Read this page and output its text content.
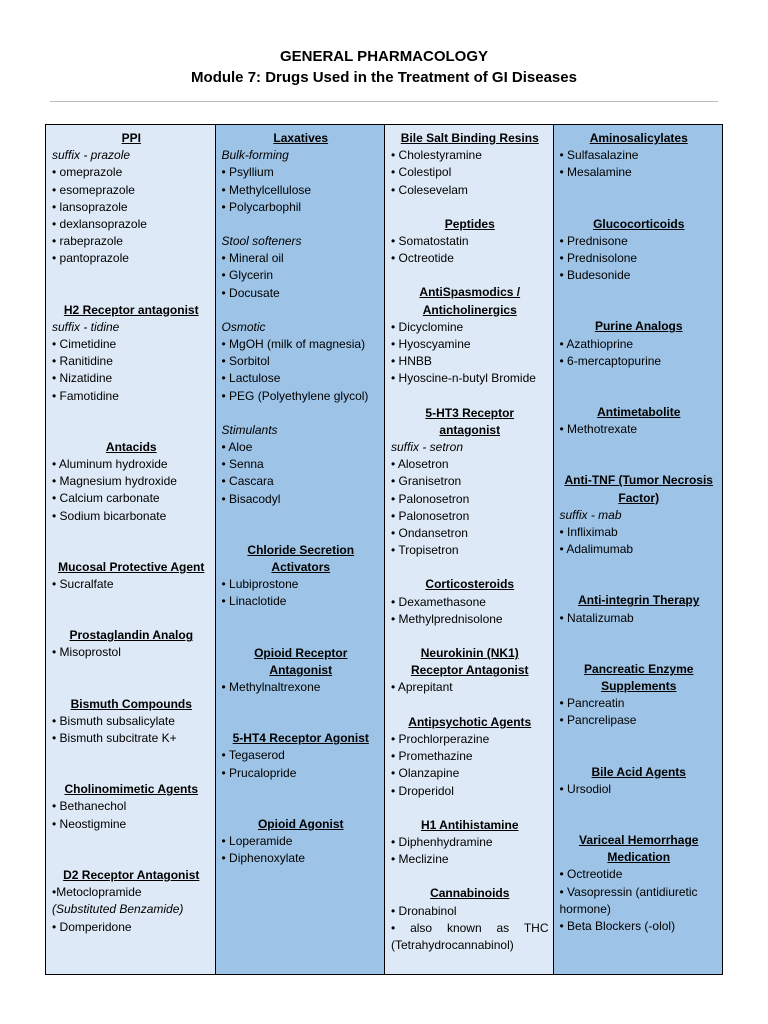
GENERAL PHARMACOLOGY
Module 7: Drugs Used in the Treatment of GI Diseases
PPI
suffix - prazole
• omeprazole
• esomeprazole
• lansoprazole
• dexlansoprazole
• rabeprazole
• pantoprazole
H2 Receptor antagonist
suffix - tidine
• Cimetidine
• Ranitidine
• Nizatidine
• Famotidine
Antacids
• Aluminum hydroxide
• Magnesium hydroxide
• Calcium carbonate
• Sodium bicarbonate
Mucosal Protective Agent
• Sucralfate
Prostaglandin Analog
• Misoprostol
Bismuth Compounds
• Bismuth subsalicylate
• Bismuth subcitrate K+
Cholinomimetic Agents
• Bethanechol
• Neostigmine
D2 Receptor Antagonist
•Metoclopramide
(Substituted Benzamide)
• Domperidone
Laxatives
Bulk-forming
• Psyllium
• Methylcellulose
• Polycarbophil
Stool softeners
• Mineral oil
• Glycerin
• Docusate
Osmotic
• MgOH (milk of magnesia)
• Sorbitol
• Lactulose
• PEG (Polyethylene glycol)
Stimulants
• Aloe
• Senna
• Cascara
• Bisacodyl
Chloride Secretion
Activators
• Lubiprostone
• Linaclotide
Opioid Receptor
Antagonist
• Methylnaltrexone
5-HT4 Receptor Agonist
• Tegaserod
• Prucalopride
Opioid Agonist
• Loperamide
• Diphenoxylate
Bile Salt Binding Resins
• Cholestyramine
• Colestipol
• Colesevelam
Peptides
• Somatostatin
• Octreotide
AntiSpasmodics /
Anticholinergics
• Dicyclomine
• Hyoscyamine
• HNBB
• Hyoscine-n-butyl Bromide
5-HT3 Receptor
antagonist
suffix - setron
• Alosetron
• Granisetron
• Palonosetron
• Palonosetron
• Ondansetron
• Tropisetron
Corticosteroids
• Dexamethasone
• Methylprednisolone
Neurokinin (NK1)
Receptor Antagonist
• Aprepitant
Antipsychotic Agents
• Prochlorperazine
• Promethazine
• Olanzapine
• Droperidol
H1 Antihistamine
• Diphenhydramine
• Meclizine
Cannabinoids
• Dronabinol
• also known as THC (Tetrahydrocannabinol)
Aminosalicylates
• Sulfasalazine
• Mesalamine
Glucocorticoids
• Prednisone
• Prednisolone
• Budesonide
Purine Analogs
• Azathioprine
• 6-mercaptopurine
Antimetabolite
• Methotrexate
Anti-TNF (Tumor Necrosis
Factor)
suffix - mab
• Infliximab
• Adalimumab
Anti-integrin Therapy
• Natalizumab
Pancreatic Enzyme
Supplements
• Pancreatin
• Pancrelipase
Bile Acid Agents
• Ursodiol
Variceal Hemorrhage
Medication
• Octreotide
• Vasopressin (antidiuretic hormone)
• Beta Blockers (-olol)
